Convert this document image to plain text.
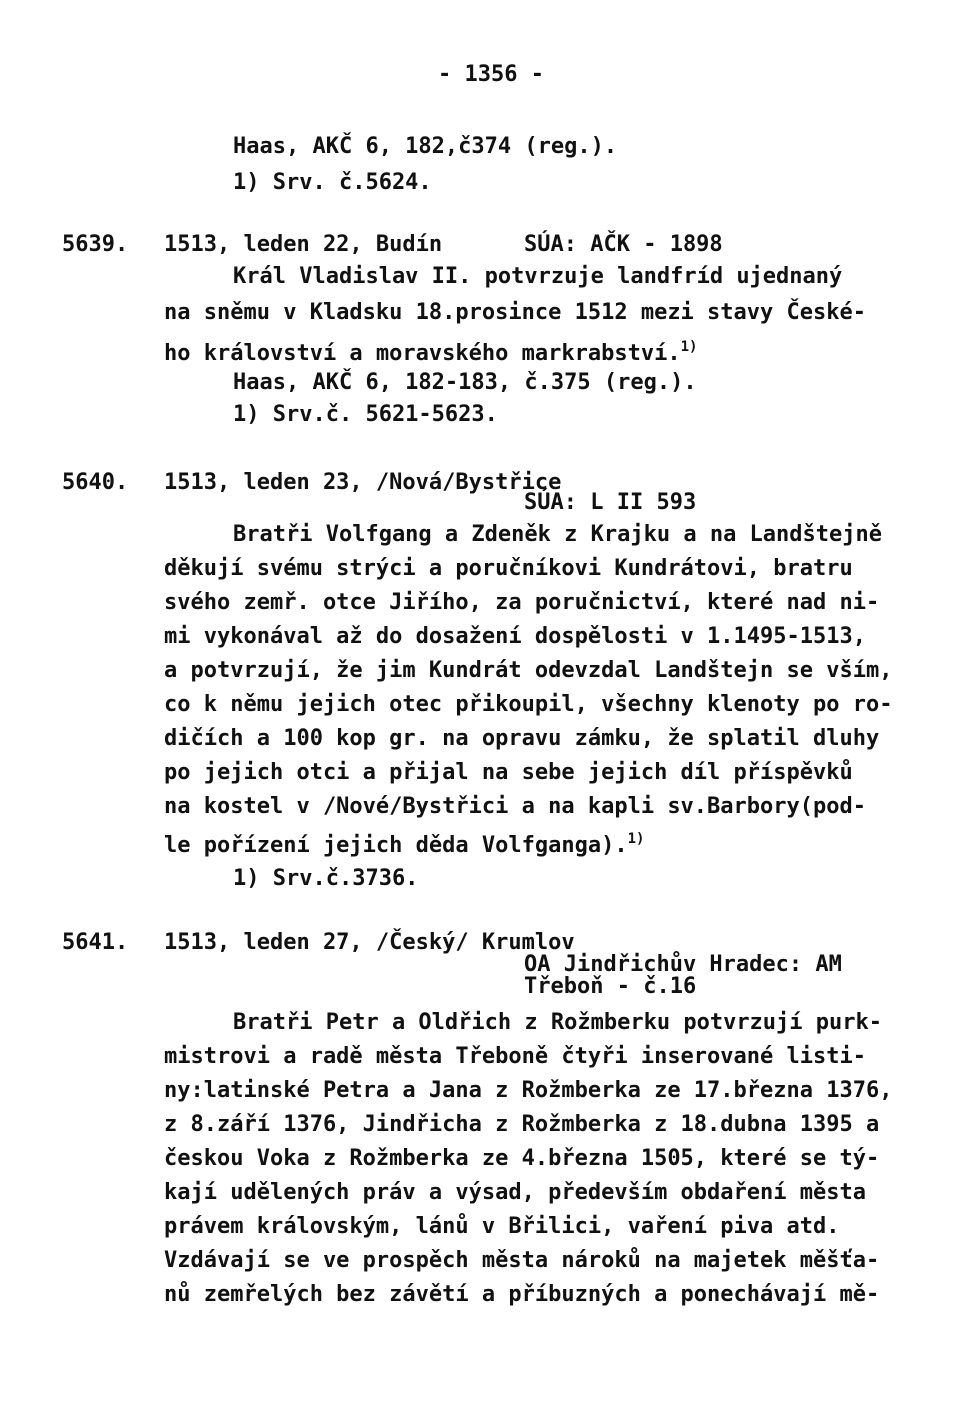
- 1356 -
Haas, AKČ 6, 182,č374 (reg.).
1) Srv. č.5624.
5639. 1513, leden 22, Budín	SÚA: AČK - 1898
Král Vladislav II. potvrzuje landfríd ujednaný
na sněmu v Kladsku 18.prosince 1512 mezi stavy České-
ho království a moravského markrabství.$^{1)}$
Haas, AKČ 6, 182-183, č.375 (reg.).
1) Srv.č. 5621-5623.
5640. 1513, leden 23, /Nová/Bystřice
SÚA: L II 593
Bratři Volfgang a Zdeněk z Krajku a na Landštejně
děkují svému strýci a poručníkovi Kundrátovi, bratru
svého zemř. otce Jiřího, za poručnictví, které nad ni-
mi vykonával až do dosažení dospělosti v 1.1495-1513,
a potvrzují, že jim Kundrát odevzdal Landštejn se vším,
co k němu jejich otec přikoupil, všechny klenoty po ro-
dičích a 100 kop gr. na opravu zámku, že splatil dluhy
po jejich otci a přijal na sebe jejich díl příspěvků
na kostel v /Nové/Bystřici a na kapli sv.Barbory(pod-
le pořízení jejich děda Volfganga).$^{1)}$
1) Srv.č.3736.
5641. 1513, leden 27, /Český/ Krumlov
OA Jindřichův Hradec: AM
Třeboň - č.16
Bratři Petr a Oldřich z Rožmberku potvrzují purk-
mistrovi a radě města Třeboně čtyři inserované listi-
ny:latinské Petra a Jana z Rožmberka ze 17.března 1376,
z 8.září 1376, Jindřicha z Rožmberka z 18.dubna 1395 a
českou Voka z Rožmberka ze 4.března 1505, které se tý-
kají udělených práv a výsad, především obdaření města
právem královským, lánů v Břilici, vaření piva atd.
Vzdávají se ve prospěch města nároků na majetek měšťa-
nů zemřelých bez závětí a příbuzných a ponechávají mě-
